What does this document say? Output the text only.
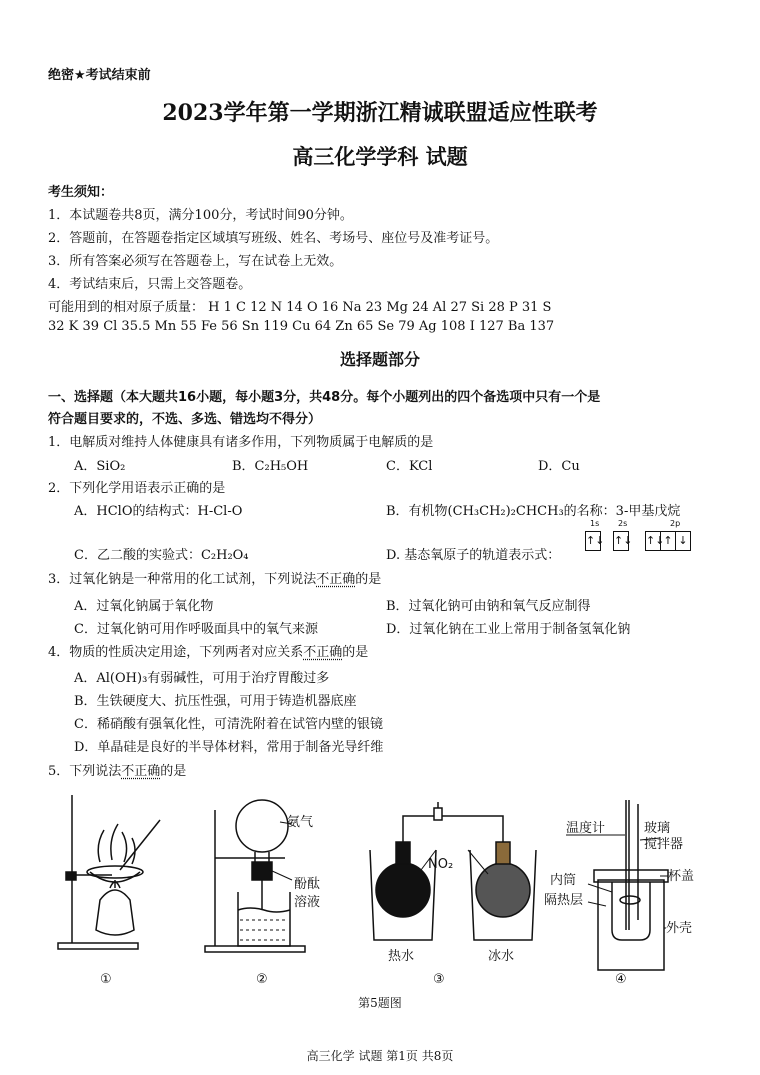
绝密★考试结束前
2023学年第一学期浙江精诚联盟适应性联考
高三化学学科 试题
考生须知：
1．本试题卷共8页，满分100分，考试时间90分钟。
2．答题前，在答题卷指定区域填写班级、姓名、考场号、座位号及准考证号。
3．所有答案必须写在答题卷上，写在试卷上无效。
4．考试结束后，只需上交答题卷。
可能用到的相对原子质量： H 1 C 12 N 14 O 16 Na 23 Mg 24 Al 27 Si 28 P 31 S
32 K 39 Cl 35.5 Mn 55 Fe 56 Sn 119 Cu 64 Zn 65 Se 79 Ag 108 I 127 Ba 137
选择题部分
一、选择题（本大题共16小题，每小题3分，共48分。每个小题列出的四个备选项中只有一个是
符合题目要求的，不选、多选、错选均不得分）
1．电解质对维持人体健康具有诸多作用，下列物质属于电解质的是
A．SiO₂	B．C₂H₅OH	C．KCl	D．Cu
2．下列化学用语表示正确的是
A．HClO的结构式：H-Cl-O	B．有机物(CH₃CH₂)₂CHCH₃的名称：3-甲基戊烷
C．乙二酸的实验式：C₂H₂O₄	D. 基态氧原子的轨道表示式：
1s 2s	2p
↑↓ ↑↓ ↑↓
↑ ↓
3．过氧化钠是一种常用的化工试剂，下列说法不正确的是
A．过氧化钠属于氧化物	B．过氧化钠可由钠和氧气反应制得
C．过氧化钠可用作呼吸面具中的氧气来源	D．过氧化钠在工业上常用于制备氢氧化钠
4．物质的性质决定用途，下列两者对应关系不正确的是
A．Al(OH)₃有弱碱性，可用于治疗胃酸过多
B．生铁硬度大、抗压性强，可用于铸造机器底座
C．稀硝酸有强氧化性，可清洗附着在试管内壁的银镜
D．单晶硅是良好的半导体材料，常用于制备光导纤维
5．下列说法不正确的是
氨气
酚酞
溶液
NO₂
热水	冰水
温度计	玻璃
搅拌器
内筒
隔热层
杯盖
外壳
①	②	③	④
第5题图
高三化学 试题 第1页 共8页
